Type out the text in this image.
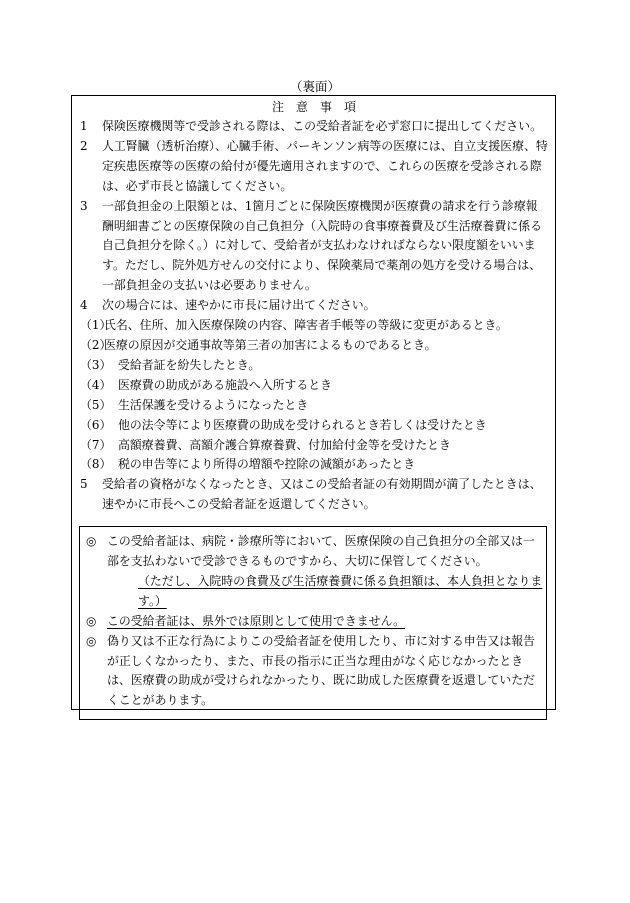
（裏面）
注　意　事　項
1	保険医療機関等で受診される際は、この受給者証を必ず窓口に提出してください。
2	人工腎臓（透析治療）、心臓手術、パーキンソン病等の医療には、自立支援医療、特定疾患医療等の医療の給付が優先適用されますので、これらの医療を受診される際は、必ず市長と協議してください。
3	一部負担金の上限額とは、1箇月ごとに保険医療機関が医療費の請求を行う診療報酬明細書ごとの医療保険の自己負担分（入院時の食事療養費及び生活療養費に係る自己負担分を除く。）に対して、受給者が支払わなければならない限度額をいいます。ただし、院外処方せんの交付により、保険薬局で薬剤の処方を受ける場合は、一部負担金の支払いは必要ありません。
4	次の場合には、速やかに市長に届け出てください。
（1）
氏名、住所、加入医療保険の内容、障害者手帳等の等級に変更があるとき。
（2）
医療の原因が交通事故等第三者の加害によるものであるとき。
（3） 受給者証を紛失したとき。
（4） 医療費の助成がある施設へ入所するとき
（5） 生活保護を受けるようになったとき
（6） 他の法令等により医療費の助成を受けられるとき若しくは受けたとき
（7） 高額療養費、高額介護合算療養費、付加給付金等を受けたとき
（8） 税の申告等により所得の増額や控除の減額があったとき
5	受給者の資格がなくなったとき、又はこの受給者証の有効期間が満了したときは、速やかに市長へこの受給者証を返還してください。
◎ この受給者証は、病院・診療所等において、医療保険の自己負担分の全部又は一部を支払わないで受診できるものですから、大切に保管してください。
（ただし、入院時の食費及び生活療養費に係る負担額は、本人負担となります。）
◎ この受給者証は、県外では原則として使用できません。
◎ 偽り又は不正な行為によりこの受給者証を使用したり、市に対する申告又は報告が正しくなかったり、また、市長の指示に正当な理由がなく応じなかったときは、医療費の助成が受けられなかったり、既に助成した医療費を返還していただくことがあります。
